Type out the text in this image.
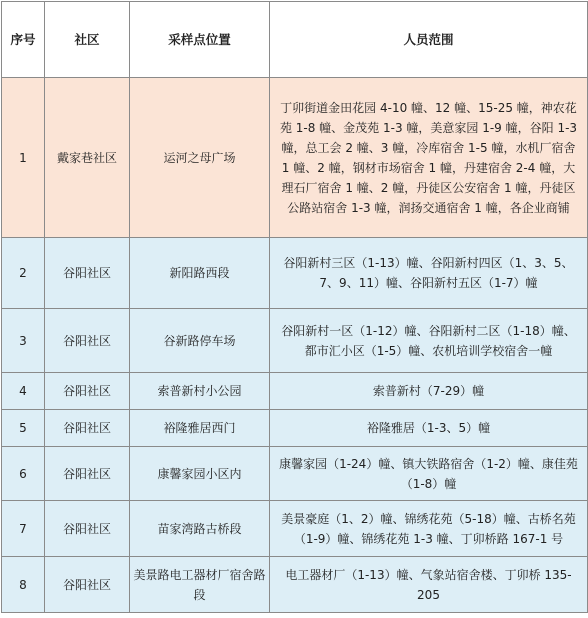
序号	社区	采样点位置	人员范围
1	戴家巷社区	运河之母广场	丁卯街道金田花园 4-10 幢、12 幢、15-25 幢，神农花苑 1-8 幢、金茂苑 1-3 幢，美意家园 1-9 幢，谷阳 1-3 幢，总工会 2 幢、3 幢，冷库宿舍 1-5 幢，水机厂宿舍 1 幢、2 幢，钢材市场宿舍 1 幢，丹建宿舍 2-4 幢，大理石厂宿舍 1 幢、2 幢，丹徒区公安宿舍 1 幢，丹徒区公路站宿舍 1-3 幢，润扬交通宿舍 1 幢，各企业商铺
2	谷阳社区	新阳路西段	谷阳新村三区（1-13）幢、谷阳新村四区（1、3、5、7、9、11）幢、谷阳新村五区（1-7）幢
3	谷阳社区	谷新路停车场	谷阳新村一区（1-12）幢、谷阳新村二区（1-18）幢、都市汇小区（1-5）幢、农机培训学校宿舍一幢
4	谷阳社区	索普新村小公园	索普新村（7-29）幢
5	谷阳社区	裕隆雅居西门	裕隆雅居（1-3、5）幢
6	谷阳社区	康馨家园小区内	康馨家园（1-24）幢、镇大铁路宿舍（1-2）幢、康佳苑（1-8）幢
7	谷阳社区	苗家湾路古桥段	美景豪庭（1、2）幢、锦绣花苑（5-18）幢、古桥名苑（1-9）幢、锦绣花苑 1-3 幢、丁卯桥路 167-1 号
8	谷阳社区	美景路电工器材厂宿舍路段	电工器材厂（1-13）幢、气象站宿舍楼、丁卯桥 135-205
